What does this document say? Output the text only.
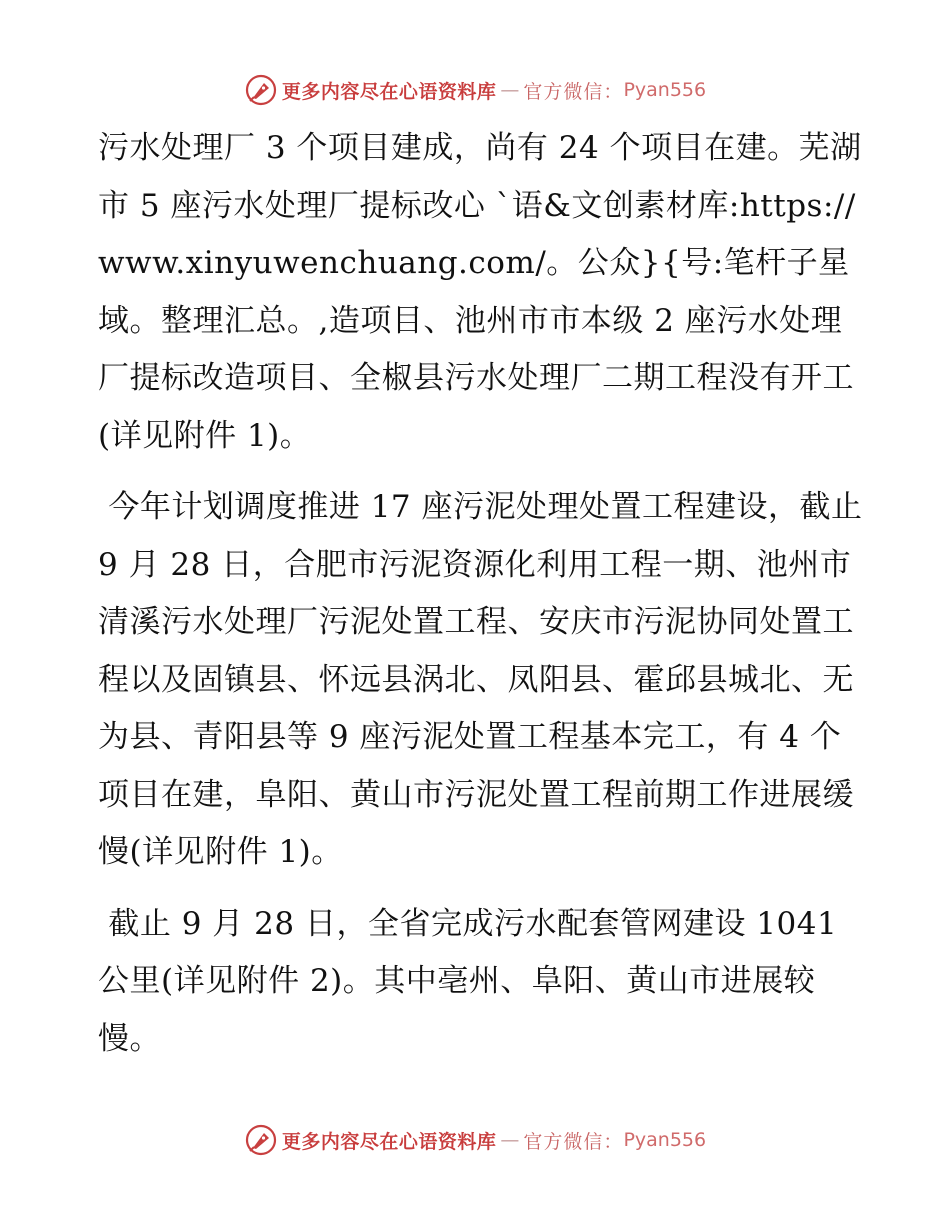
更多内容尽在心语资料库 — 官方微信： Pyan556

污水处理厂 3 个项目建成，尚有 24 个项目在建。芜湖市 5 座污水处理厂提标改心 `语&文创素材库:https://www.xinyuwenchuang.com/。公众}{号:笔杆子星域。整理汇总。,造项目、池州市市本级 2 座污水处理厂提标改造项目、全椒县污水处理厂二期工程没有开工(详见附件 1)。

今年计划调度推进 17 座污泥处理处置工程建设，截止 9 月 28 日，合肥市污泥资源化利用工程一期、池州市清溪污水处理厂污泥处置工程、安庆市污泥协同处置工程以及固镇县、怀远县涡北、凤阳县、霍邱县城北、无为县、青阳县等 9 座污泥处置工程基本完工，有 4 个项目在建，阜阳、黄山市污泥处置工程前期工作进展缓慢(详见附件 1)。

截止 9 月 28 日，全省完成污水配套管网建设 1041 公里(详见附件 2)。其中亳州、阜阳、黄山市进展较慢。

更多内容尽在心语资料库 — 官方微信： Pyan556
